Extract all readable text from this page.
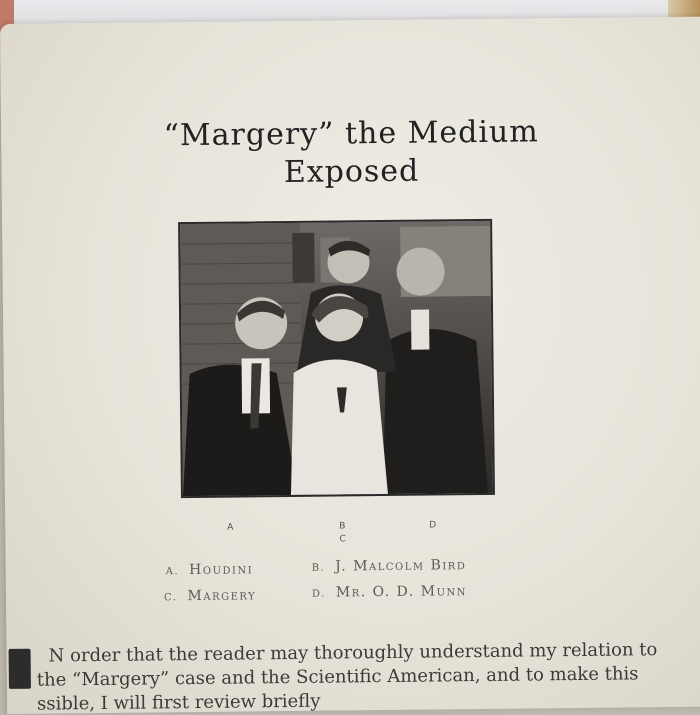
“Margery” the Medium
Exposed
A	B
C
D
A. Houdini	B. J. Malcolm Bird
C. Margery	D. Mr. O. D. Munn
N order that the reader may thoroughly understand my relation to
the “Margery” case and the Scientific American, and to make this
ssible, I will first review briefly
